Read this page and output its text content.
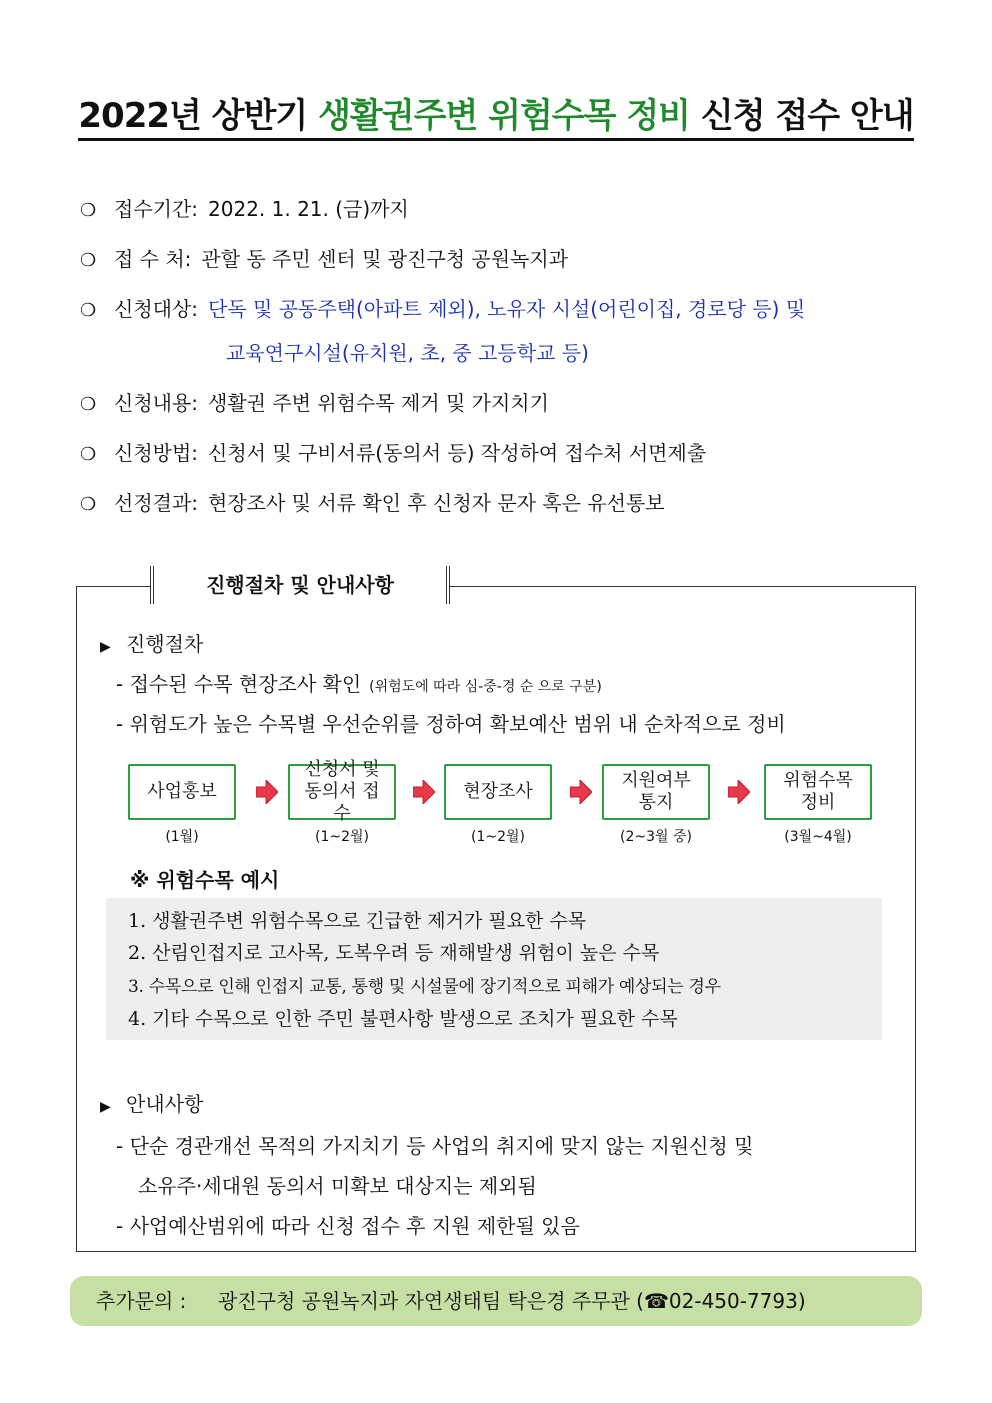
2022년 상반기 생활권주변 위험수목 정비 신청 접수 안내
❍ 접수기간: 2022. 1. 21. (금)까지
❍ 접 수 처: 관할 동 주민 센터 및 광진구청 공원녹지과
❍ 신청대상: 단독 및 공동주택(아파트 제외), 노유자 시설(어린이집, 경로당 등) 및
교육연구시설(유치원, 초, 중 고등학교 등)
❍ 신청내용: 생활권 주변 위험수목 제거 및 가지치기
❍ 신청방법: 신청서 및 구비서류(동의서 등) 작성하여 접수처 서면제출
❍ 선정결과: 현장조사 및 서류 확인 후 신청자 문자 혹은 유선통보
진행절차 및 안내사항
▶ 진행절차
- 접수된 수목 현장조사 확인 (위험도에 따라 심-중-경 순 으로 구분)
- 위험도가 높은 수목별 우선순위를 정하여 확보예산 범위 내 순차적으로 정비
사업홍보
신청서 및 동의서 접수
현장조사
지원여부 통지
위험수목 정비
(1월)	(1~2월)	(1~2월)	(2~3월 중)	(3월~4월)
※ 위험수목 예시
1. 생활권주변 위험수목으로 긴급한 제거가 필요한 수목
2. 산림인접지로 고사목, 도복우려 등 재해발생 위험이 높은 수목
3. 수목으로 인해 인접지 교통, 통행 및 시설물에 장기적으로 피해가 예상되는 경우
4. 기타 수목으로 인한 주민 불편사항 발생으로 조치가 필요한 수목
▶ 안내사항
- 단순 경관개선 목적의 가지치기 등 사업의 취지에 맞지 않는 지원신청 및
소유주·세대원 동의서 미확보 대상지는 제외됨
- 사업예산범위에 따라 신청 접수 후 지원 제한될 있음
추가문의 : 광진구청 공원녹지과 자연생태팀 탁은경 주무관 (☎02-450-7793)
